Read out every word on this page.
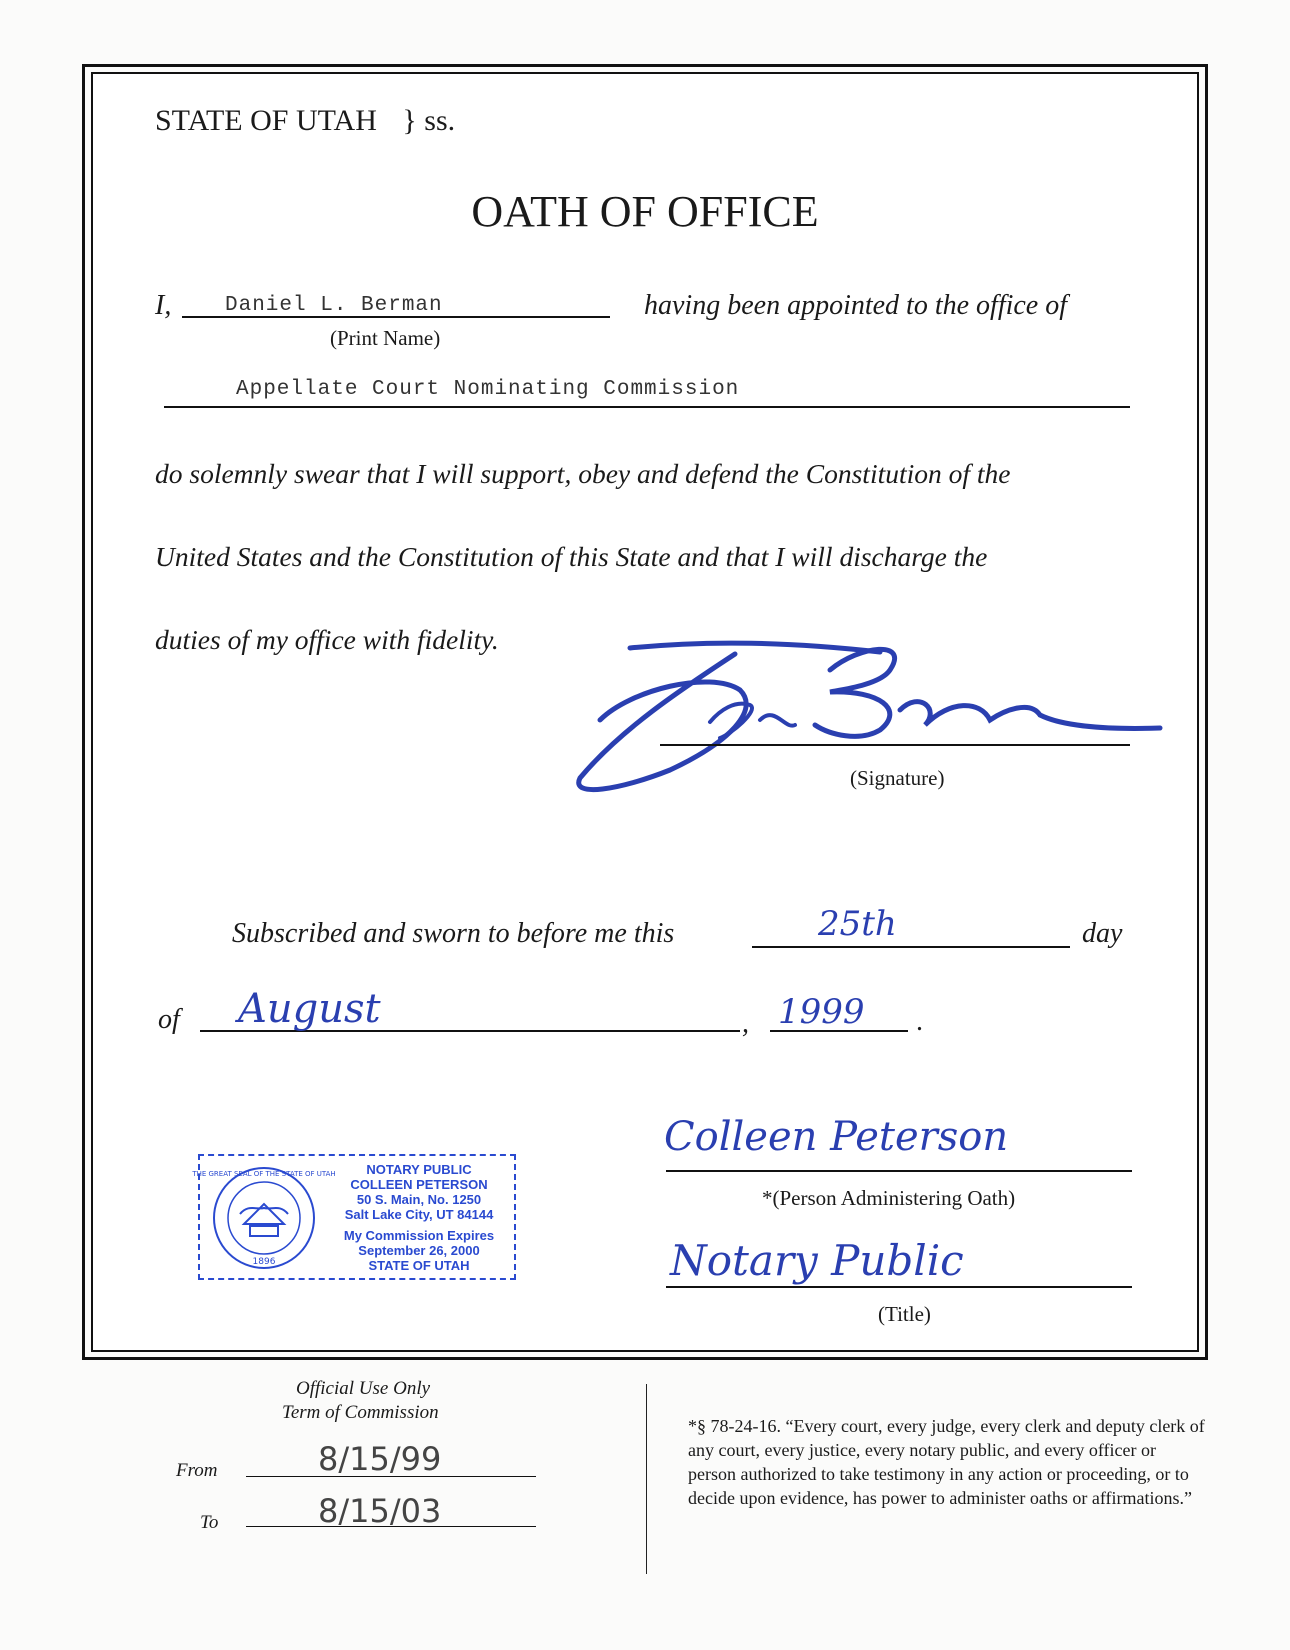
STATE OF UTAH } ss.
OATH OF OFFICE
I,	Daniel L. Berman
(Print Name)
having been appointed to the office of
Appellate Court Nominating Commission
do solemnly swear that I will support, obey and defend the Constitution of the
United States and the Constitution of this State and that I will discharge the
duties of my office with fidelity.
(Signature)
Subscribed and sworn to before me this	25th	day
of August	, 1999 .
Colleen Peterson
*(Person Administering Oath)
Notary Public
(Title)
THE GREAT SEAL OF THE STATE OF UTAH
1896
NOTARY PUBLIC
COLLEEN PETERSON
50 S. Main, No. 1250
Salt Lake City, UT 84144
My Commission Expires
September 26, 2000
STATE OF UTAH
Official Use Only
Term of Commission
From	8/15/99
To	8/15/03
*§ 78-24-16. “Every court, every judge, every clerk and deputy clerk of any court, every justice, every notary public, and every officer or person authorized to take testimony in any action or proceeding, or to decide upon evidence, has power to administer oaths or affirmations.”
